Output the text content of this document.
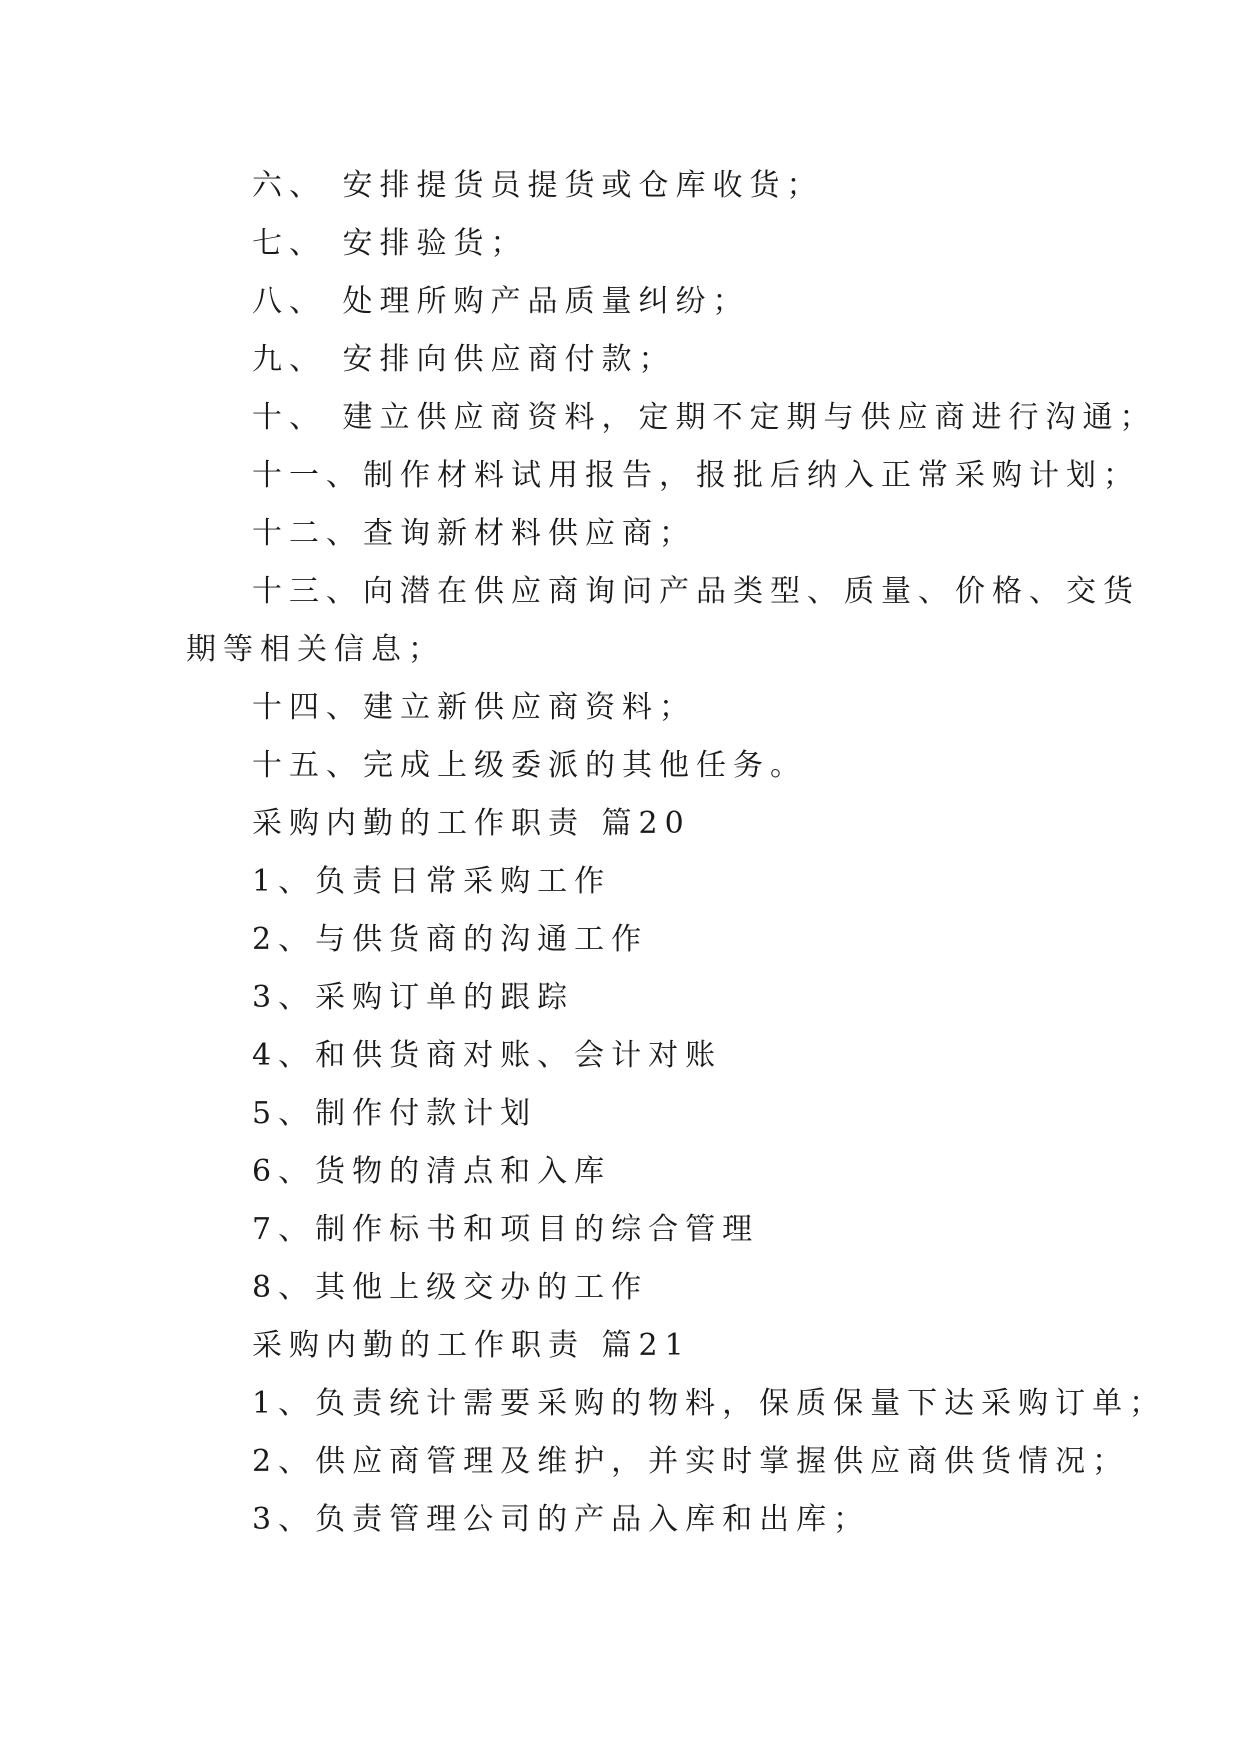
六、 安排提货员提货或仓库收货；
七、 安排验货；
八、 处理所购产品质量纠纷；
九、 安排向供应商付款；
十、 建立供应商资料，定期不定期与供应商进行沟通；
十一、制作材料试用报告，报批后纳入正常采购计划；
十二、查询新材料供应商；
十三、向潜在供应商询问产品类型、质量、价格、交货
期等相关信息；
十四、建立新供应商资料；
十五、完成上级委派的其他任务。
采购内勤的工作职责 篇20
1、负责日常采购工作
2、与供货商的沟通工作
3、采购订单的跟踪
4、和供货商对账、会计对账
5、制作付款计划
6、货物的清点和入库
7、制作标书和项目的综合管理
8、其他上级交办的工作
采购内勤的工作职责 篇21
1、负责统计需要采购的物料，保质保量下达采购订单；
2、供应商管理及维护，并实时掌握供应商供货情况；
3、负责管理公司的产品入库和出库；
